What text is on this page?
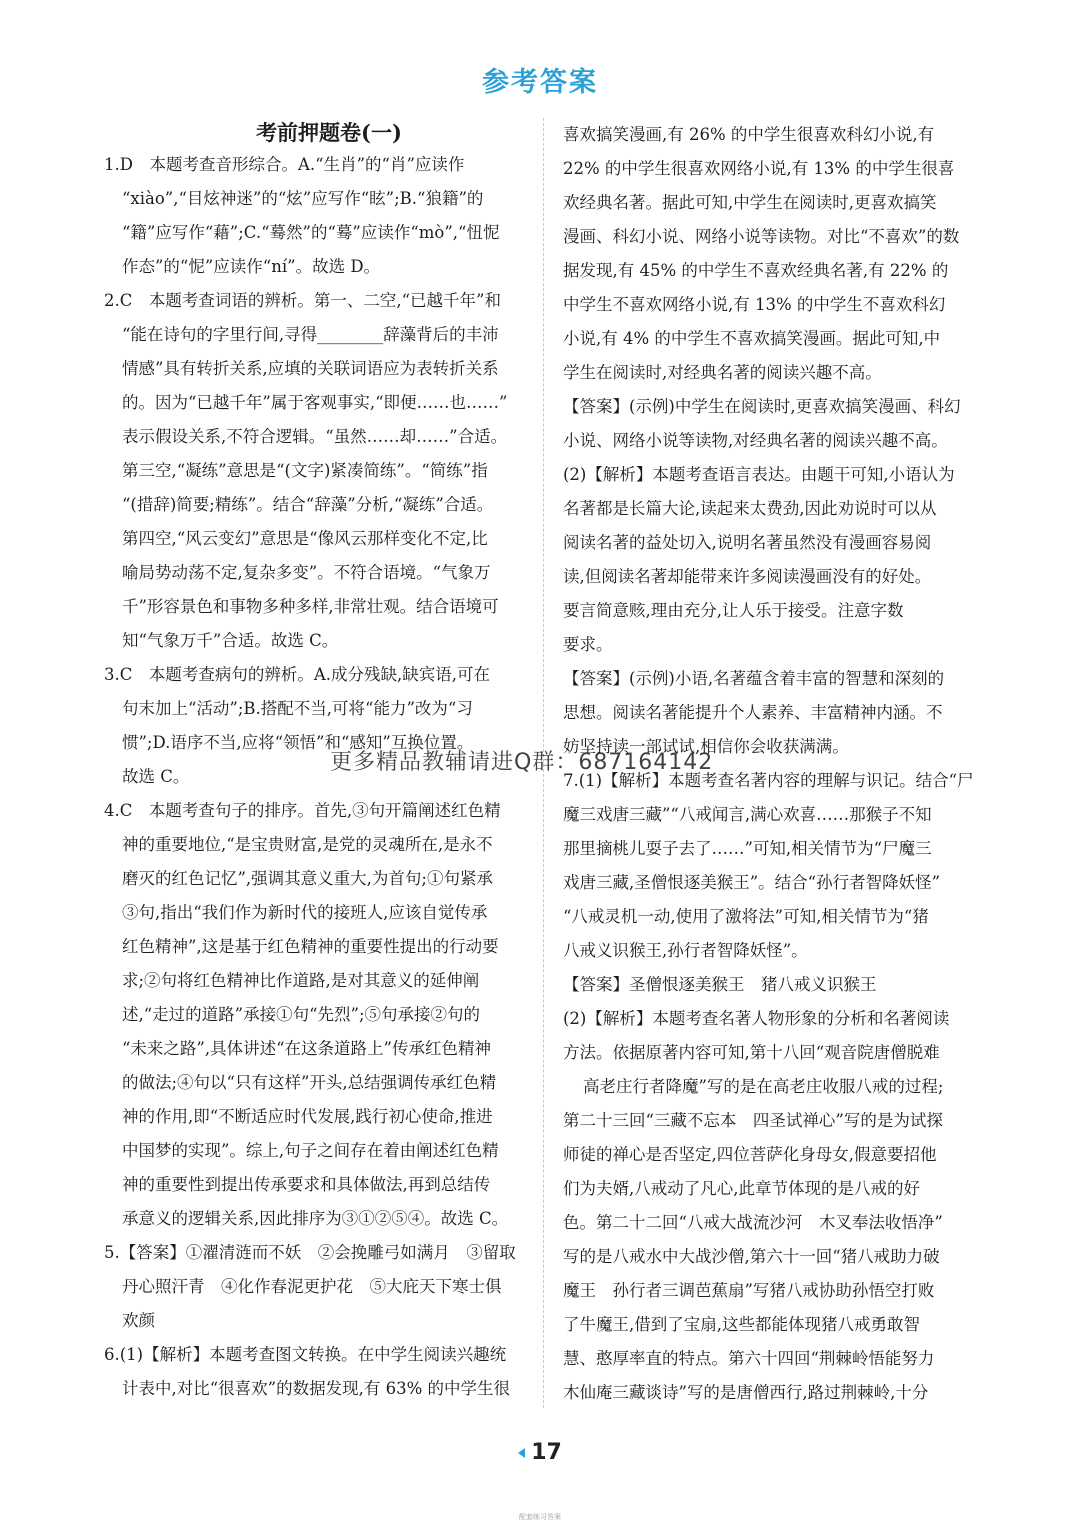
参考答案
考前押题卷(一)
1.D　本题考查音形综合。A.“生肖”的“肖”应读作
“xiào”,“目炫神迷”的“炫”应写作“眩”;B.“狼籍”的
“籍”应写作“藉”;C.“蓦然”的“蓦”应读作“mò”,“忸怩
作态”的“怩”应读作“ní”。故选 D。
2.C　本题考查词语的辨析。第一、二空,“已越千年”和
“能在诗句的字里行间,寻得________辞藻背后的丰沛
情感”具有转折关系,应填的关联词语应为表转折关系
的。因为“已越千年”属于客观事实,“即便……也……”
表示假设关系,不符合逻辑。“虽然……却……”合适。
第三空,“凝练”意思是“(文字)紧凑简练”。“简练”指
“(措辞)简要;精练”。结合“辞藻”分析,“凝练”合适。
第四空,“风云变幻”意思是“像风云那样变化不定,比
喻局势动荡不定,复杂多变”。不符合语境。“气象万
千”形容景色和事物多种多样,非常壮观。结合语境可
知“气象万千”合适。故选 C。
3.C　本题考查病句的辨析。A.成分残缺,缺宾语,可在
句末加上“活动”;B.搭配不当,可将“能力”改为“习
惯”;D.语序不当,应将“领悟”和“感知”互换位置。
故选 C。
4.C　本题考查句子的排序。首先,③句开篇阐述红色精
神的重要地位,“是宝贵财富,是党的灵魂所在,是永不
磨灭的红色记忆”,强调其意义重大,为首句;①句紧承
③句,指出“我们作为新时代的接班人,应该自觉传承
红色精神”,这是基于红色精神的重要性提出的行动要
求;②句将红色精神比作道路,是对其意义的延伸阐
述,“走过的道路”承接①句“先烈”;⑤句承接②句的
“未来之路”,具体讲述“在这条道路上”传承红色精神
的做法;④句以“只有这样”开头,总结强调传承红色精
神的作用,即“不断适应时代发展,践行初心使命,推进
中国梦的实现”。综上,句子之间存在着由阐述红色精
神的重要性到提出传承要求和具体做法,再到总结传
承意义的逻辑关系,因此排序为③①②⑤④。故选 C。
5.【答案】①濯清涟而不妖　②会挽雕弓如满月　③留取
丹心照汗青　④化作春泥更护花　⑤大庇天下寒士俱
欢颜
6.(1)【解析】本题考查图文转换。在中学生阅读兴趣统
计表中,对比“很喜欢”的数据发现,有 63% 的中学生很
喜欢搞笑漫画,有 26% 的中学生很喜欢科幻小说,有
22% 的中学生很喜欢网络小说,有 13% 的中学生很喜
欢经典名著。据此可知,中学生在阅读时,更喜欢搞笑
漫画、科幻小说、网络小说等读物。对比“不喜欢”的数
据发现,有 45% 的中学生不喜欢经典名著,有 22% 的
中学生不喜欢网络小说,有 13% 的中学生不喜欢科幻
小说,有 4% 的中学生不喜欢搞笑漫画。据此可知,中
学生在阅读时,对经典名著的阅读兴趣不高。
【答案】(示例)中学生在阅读时,更喜欢搞笑漫画、科幻
小说、网络小说等读物,对经典名著的阅读兴趣不高。
(2)【解析】本题考查语言表达。由题干可知,小语认为
名著都是长篇大论,读起来太费劲,因此劝说时可以从
阅读名著的益处切入,说明名著虽然没有漫画容易阅
读,但阅读名著却能带来许多阅读漫画没有的好处。
要言简意赅,理由充分,让人乐于接受。注意字数
要求。
【答案】(示例)小语,名著蕴含着丰富的智慧和深刻的
思想。阅读名著能提升个人素养、丰富精神内涵。不
妨坚持读一部试试,相信你会收获满满。
7.(1)【解析】本题考查名著内容的理解与识记。结合“尸
魔三戏唐三藏”“八戒闻言,满心欢喜……那猴子不知
那里摘桃儿耍子去了……”可知,相关情节为“尸魔三
戏唐三藏,圣僧恨逐美猴王”。结合“孙行者智降妖怪”
“八戒灵机一动,使用了激将法”可知,相关情节为“猪
八戒义识猴王,孙行者智降妖怪”。
【答案】圣僧恨逐美猴王　猪八戒义识猴王
(2)【解析】本题考查名著人物形象的分析和名著阅读
方法。依据原著内容可知,第十八回“观音院唐僧脱难
高老庄行者降魔”写的是在高老庄收服八戒的过程;
第二十三回“三藏不忘本　四圣试禅心”写的是为试探
师徒的禅心是否坚定,四位菩萨化身母女,假意要招他
们为夫婿,八戒动了凡心,此章节体现的是八戒的好
色。第二十二回“八戒大战流沙河　木叉奉法收悟净”
写的是八戒水中大战沙僧,第六十一回“猪八戒助力破
魔王　孙行者三调芭蕉扇”写猪八戒协助孙悟空打败
了牛魔王,借到了宝扇,这些都能体现猪八戒勇敢智
慧、憨厚率直的特点。第六十四回“荆棘岭悟能努力
木仙庵三藏谈诗”写的是唐僧西行,路过荆棘岭,十分
更多精品教辅请进Q群：687164142
17
配套练习答案
